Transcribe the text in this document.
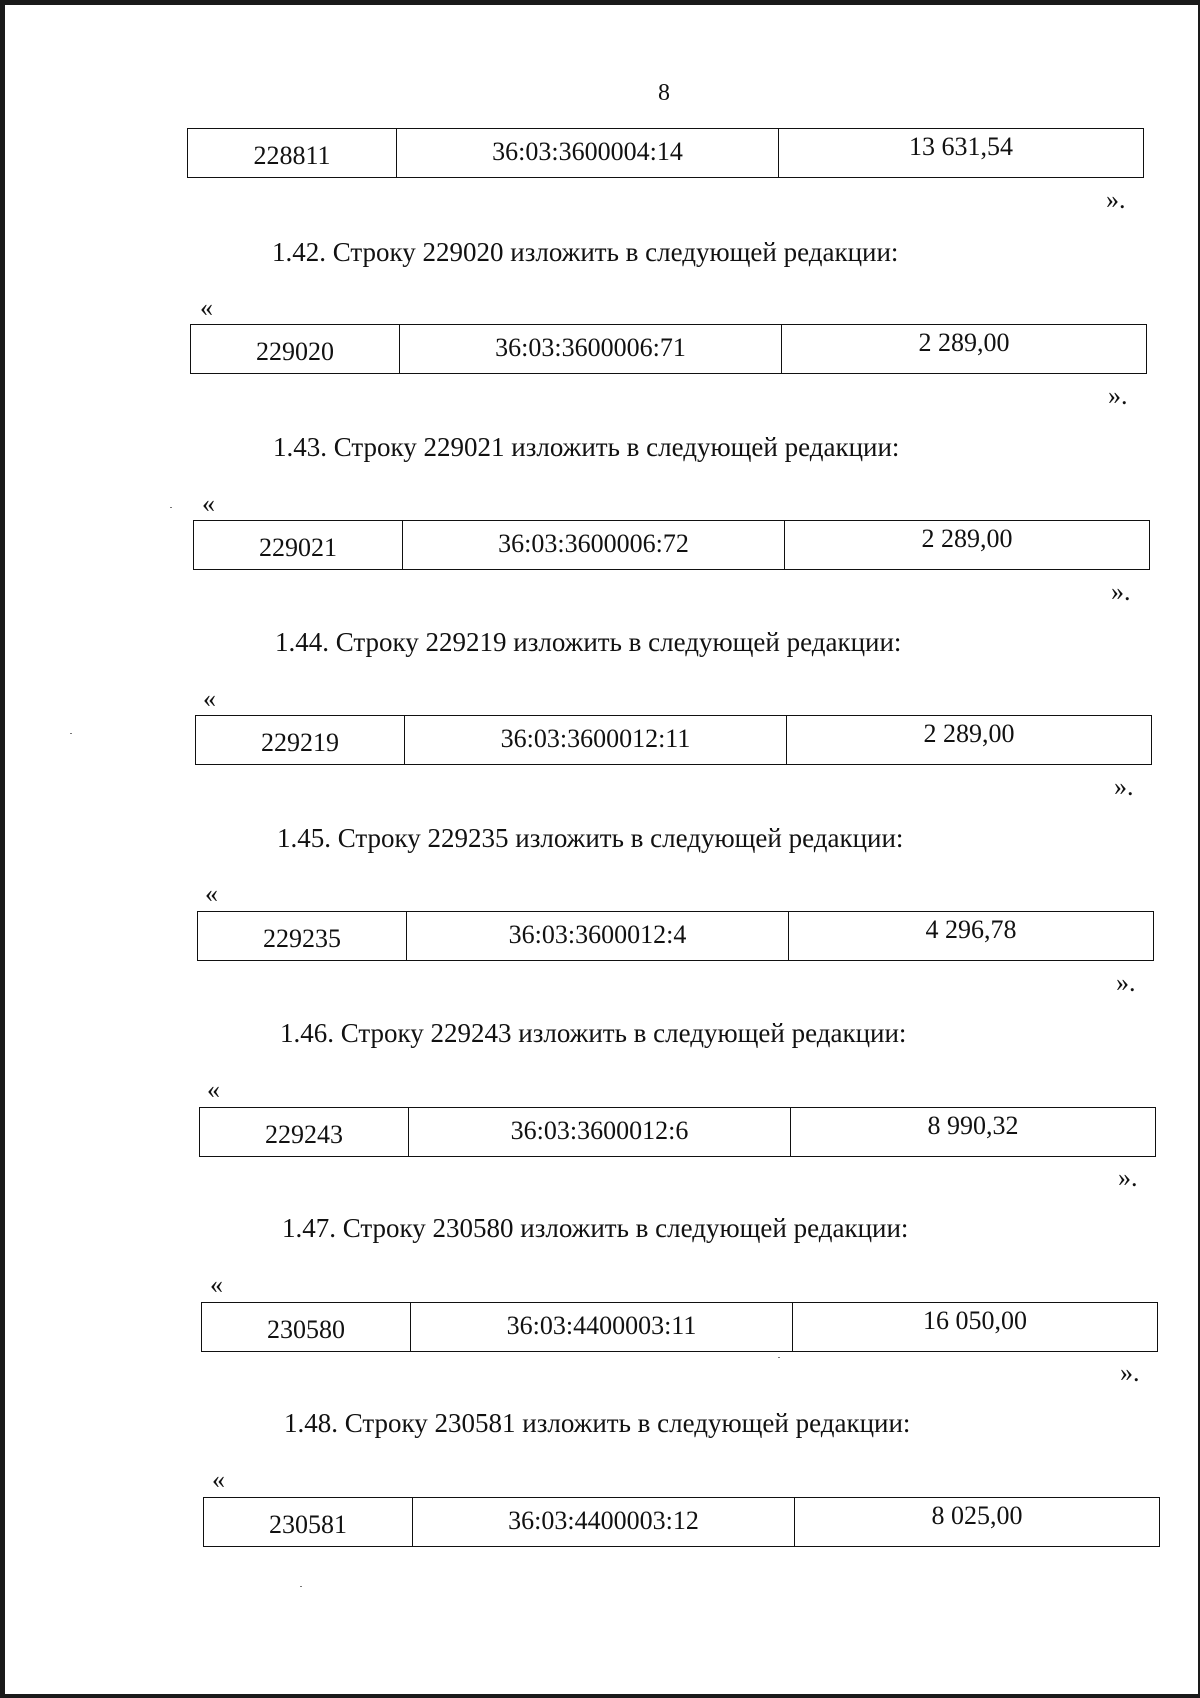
8
228811	36:03:3600004:14	13 631,54
».
1.42. Строку 229020 изложить в следующей редакции:
«
229020	36:03:3600006:71	2 289,00
».
1.43. Строку 229021 изложить в следующей редакции:
«
229021	36:03:3600006:72	2 289,00
».
1.44. Строку 229219 изложить в следующей редакции:
«
229219	36:03:3600012:11	2 289,00
».
1.45. Строку 229235 изложить в следующей редакции:
«
229235	36:03:3600012:4	4 296,78
».
1.46. Строку 229243 изложить в следующей редакции:
«
229243	36:03:3600012:6	8 990,32
».
1.47. Строку 230580 изложить в следующей редакции:
«
230580	36:03:4400003:11	16 050,00
».
1.48. Строку 230581 изложить в следующей редакции:
«
230581	36:03:4400003:12	8 025,00
